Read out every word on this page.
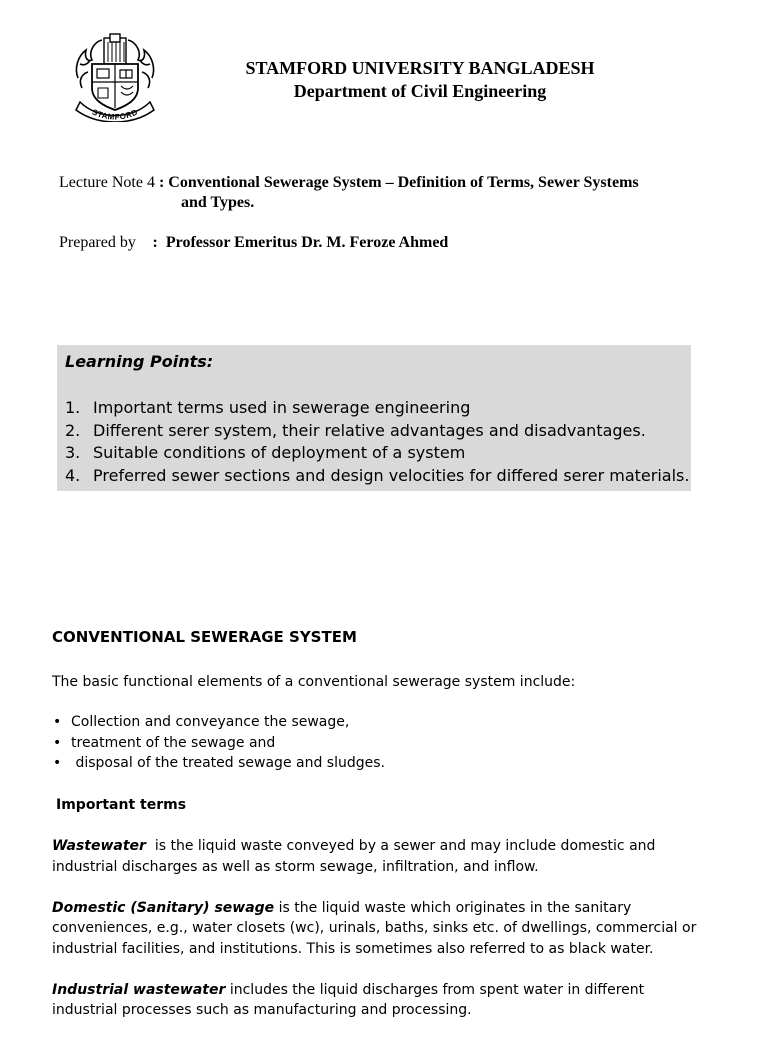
STAMFORD
STAMFORD UNIVERSITY BANGLADESH
Department of Civil Engineering
Lecture Note 4 : Conventional Sewerage System – Definition of Terms, Sewer Systems
and Types.
Prepared by : Professor Emeritus Dr. M. Feroze Ahmed
Learning Points:
1. Important terms used in sewerage engineering
2. Different serer system, their relative advantages and disadvantages.
3. Suitable conditions of deployment of a system
4. Preferred sewer sections and design velocities for differed serer materials.
CONVENTIONAL SEWERAGE SYSTEM

The basic functional elements of a conventional sewerage system include:

• Collection and conveyance the sewage,
• treatment of the sewage and
• disposal of the treated sewage and sludges.
Important terms

Wastewater  is the liquid waste conveyed by a sewer and may include domestic and industrial discharges as well as storm sewage, infiltration, and inflow.

Domestic (Sanitary) sewage is the liquid waste which originates in the sanitary conveniences, e.g., water closets (wc), urinals, baths, sinks etc. of dwellings, commercial or industrial facilities, and institutions. This is sometimes also referred to as black water.

Industrial wastewater includes the liquid discharges from spent water in different industrial processes such as manufacturing and processing.
